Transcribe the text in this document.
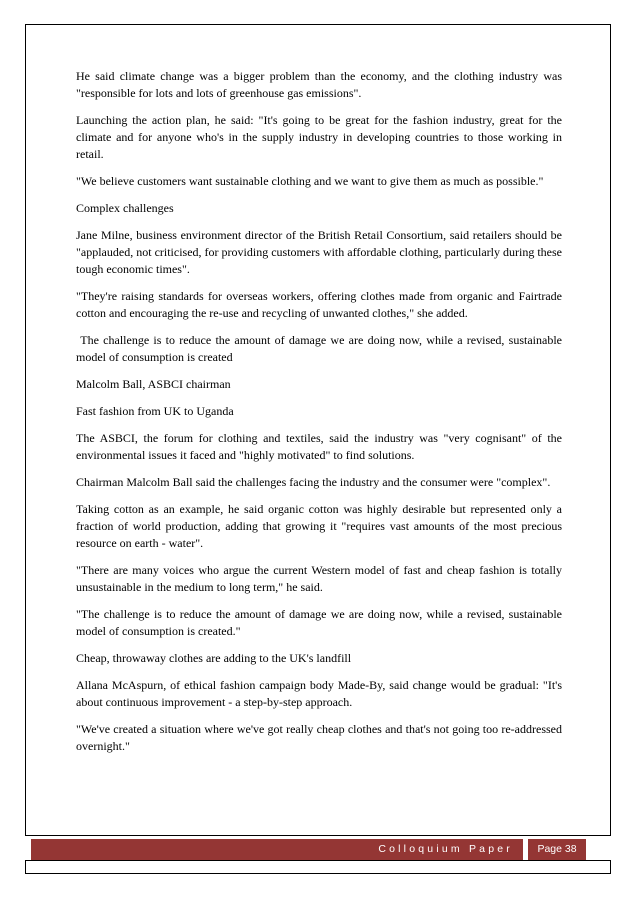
He said climate change was a bigger problem than the economy, and the clothing industry was "responsible for lots and lots of greenhouse gas emissions".

Launching the action plan, he said: "It's going to be great for the fashion industry, great for the climate and for anyone who's in the supply industry in developing countries to those working in retail.

"We believe customers want sustainable clothing and we want to give them as much as possible."

Complex challenges

Jane Milne, business environment director of the British Retail Consortium, said retailers should be "applauded, not criticised, for providing customers with affordable clothing, particularly during these tough economic times".

"They're raising standards for overseas workers, offering clothes made from organic and Fairtrade cotton and encouraging the re-use and recycling of unwanted clothes," she added.

The challenge is to reduce the amount of damage we are doing now, while a revised, sustainable model of consumption is created

Malcolm Ball, ASBCI chairman

Fast fashion from UK to Uganda

The ASBCI, the forum for clothing and textiles, said the industry was "very cognisant" of the environmental issues it faced and "highly motivated" to find solutions.

Chairman Malcolm Ball said the challenges facing the industry and the consumer were "complex".

Taking cotton as an example, he said organic cotton was highly desirable but represented only a fraction of world production, adding that growing it "requires vast amounts of the most precious resource on earth - water".

"There are many voices who argue the current Western model of fast and cheap fashion is totally unsustainable in the medium to long term," he said.

"The challenge is to reduce the amount of damage we are doing now, while a revised, sustainable model of consumption is created."

Cheap, throwaway clothes are adding to the UK's landfill

Allana McAspurn, of ethical fashion campaign body Made-By, said change would be gradual: "It's about continuous improvement - a step-by-step approach.

"We've created a situation where we've got really cheap clothes and that's not going too re-addressed overnight."

Colloquium Paper	Page 38
